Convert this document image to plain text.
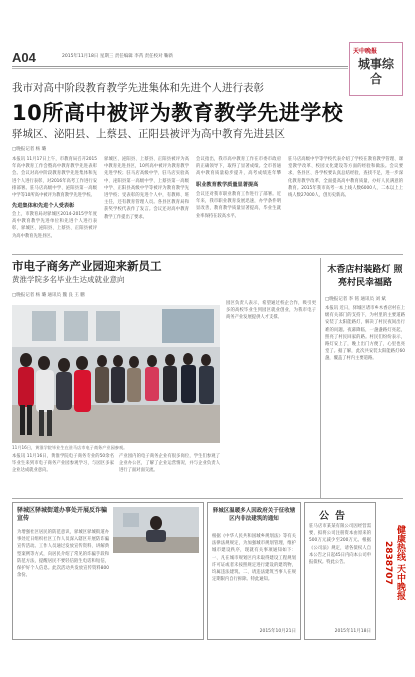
A04	2015年11月18日 星期三 责任编辑 李芮 责任校对 鞠新
天中晚报
城事综合
我市对高中阶段教育教学先进集体和先进个人进行表彰
10所高中被评为教育教学先进学校
驿城区、泌阳县、上蔡县、正阳县被评为高中教育先进县区
□晚报记者 杨 璐
本报讯 11月17日上午，市教育局召开2015年高中教育工作会暨高中教育教学先进表彰会。会议对高中阶段教育教学先进集体和先进个人进行表彰，对2016年高考工作进行安排部署。驻马店高级中学、泌阳县第一高级中学等10所高中被评为教育教学先进学校。
先进集体和先进个人受表彰
会上，市教育局对驿城区2014-2015学年度高中教育教学先进单位和先进个人进行表彰，驿城区、泌阳县、上蔡县、正阳县被评为高中教育先进县区。
驿城区、泌阳县、上蔡县、正阳县被评为高中教育先进县区，10所高中被评为教育教学先进学校；驻马店高级中学、驻马店实验高中、泌阳县第一高级中学、上蔡县第一高级中学、正阳县高级中学等被评为教育教学先进学校；受表彰的先进个人中，有教师、班主任，还有教育管理人员。各县区教育局和获奖学校代表作了发言。会议还对高中教育教学工作提出了要求。
会议指出，我市高中教育工作在市委市政府的正确领导下，取得了显著成绩。全市普通高中教育质量稳步提升，高考成绩连年攀
职业教育教学质量显著提高
会议还对我市职业教育工作进行了部署。近年来，我市职业教育发展迅速，办学条件明显改善，教育教学质量显著提高，毕业生就业率保持在较高水平。
驻马店高级中学等学校代表介绍了学校在教育教学管理、课堂教学改革、校园文化建设等方面的经验和做法。会议要求，各县区、各学校要认真总结经验，查找不足，进一步深化教育教学改革，全面提高高中教育质量，办好人民满意的教育。2015年我市高考一本上线人数6000人、二本以上上线人数27000人，创历史新高。
市电子商务产业园迎来新员工
黄淮学院多名毕业生达成就业意向
□晚报记者 杨 璐 通讯员 魏 良 王 鹏
11月16日，黄淮学院毕业生在驻马店市电子商务产业园参观。
本报讯 11月16日，黄淮学院电子商务专业的50余名毕业生来到市电子商务产业园参观学习，与园区多家企业达成就业意向。
产业园内的电子商务企业有很多岗位，学生们参观了企业办公区，了解了企业运营情况，并与企业负责人进行了面对面交流。
园区负责人表示，希望通过校企合作，吸引更多的高校毕业生到园区就业创业，为我市电子商务产业发展提供人才支撑。
木香店村装路灯 照亮村民幸福路
□晚报记者 李 铭 通讯员 刘 斌
本报讯 近日，驿城区诸市乡木香店村在上级有关部门的支持下，为村里的主要道路安装了太阳能路灯，解决了村民夜间出行难的问题。夜幕降临，一盏盏路灯亮起，照亮了村民回家的路。村民们纷纷表示，路灯安上了，晚上出门方便了，心里也亮堂了。据了解，此次共安装太阳能路灯60盏，覆盖了村内主要道路。
驿城区驿城街道办事处开展反诈骗宣传
为增强社区居民的防范意识，驿城区驿城街道办事处近日组织社区工作人员深入辖区开展防诈骗宣传活动。工作人员通过发放宣传资料、讲解典型案例等方式，向居民介绍了常见的诈骗手段和防范方法，提醒居民不要轻信陌生电话和短信，保护好个人信息。此次活动共发放宣传资料800余份。
驿城区温暖多人因政府关于征收辖区内非法建筑的通知
根据《中华人民共和国城乡规划法》等有关法律法规规定，为加强城市规划管理，维护城市建设秩序，现就有关事项通知如下：一、凡在城市规划区内未取得建设工程规划许可证或者未按照规定进行建设的建筑物，均属违法建筑。二、请违法建筑当事人在规定期限内自行拆除。特此通知。
2015年10月21日
公告
驻马店市某某有限公司因经营需要，拟将公司注册资本由原来的500万元减少至200万元。根据《公司法》规定，请各债权人自本公告之日起45日内向本公司申报债权。特此公告。
2015年11月18日
健康热线 天中晚报 2838707
